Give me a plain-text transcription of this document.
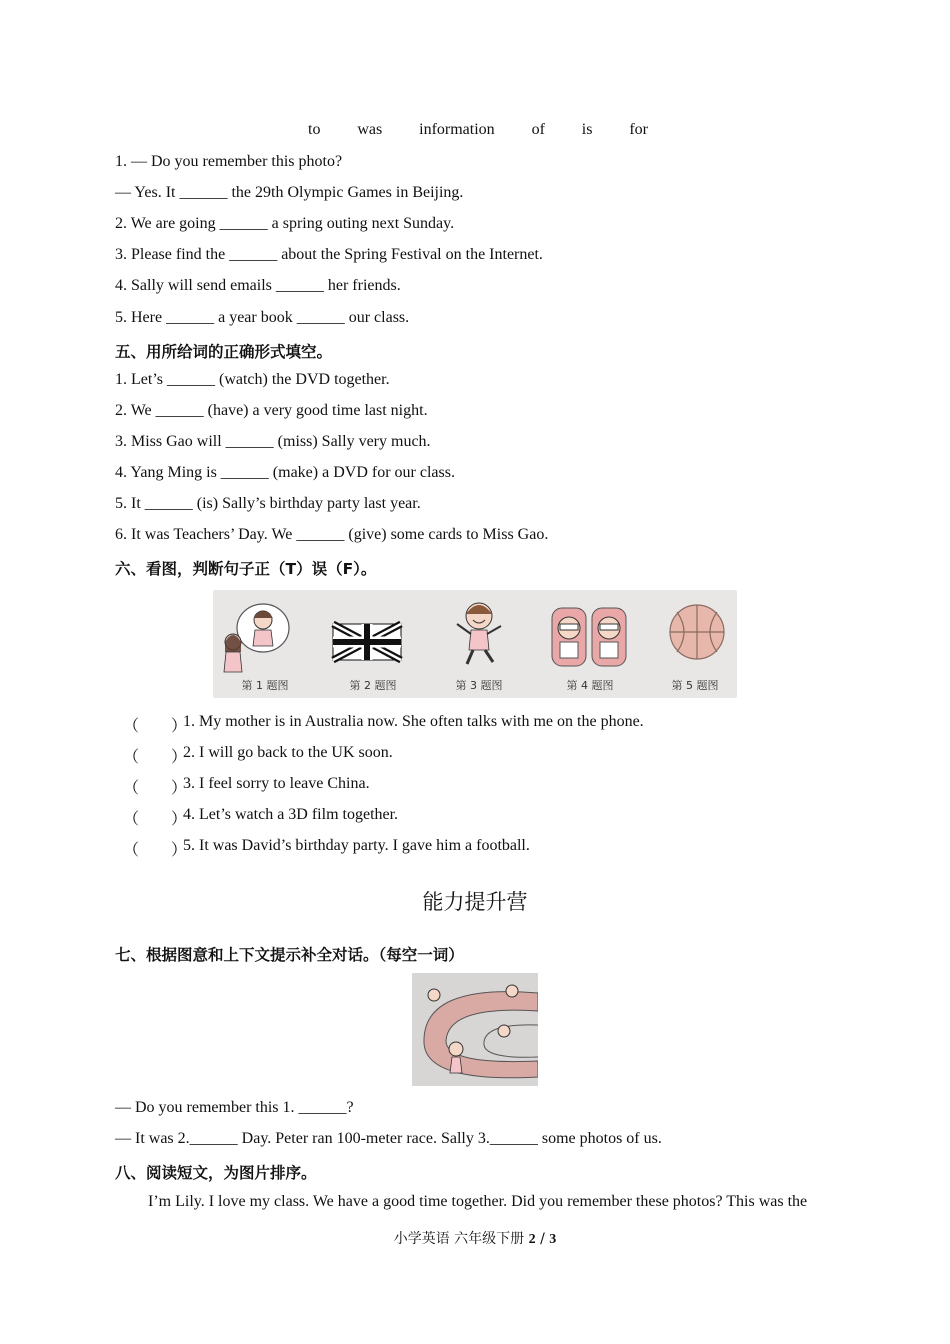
to was information of is for
1. — Do you remember this photo?
— Yes. It ______ the 29th Olympic Games in Beijing.
2. We are going ______ a spring outing next Sunday.
3. Please find the ______ about the Spring Festival on the Internet.
4. Sally will send emails ______ her friends.
5. Here ______ a year book ______ our class.
五、用所给词的正确形式填空。
1. Let’s ______ (watch) the DVD together.
2. We ______ (have) a very good time last night.
3. Miss Gao will ______ (miss) Sally very much.
4. Yang Ming is ______ (make) a DVD for our class.
5. It ______ (is) Sally’s birthday party last year.
6. It was Teachers’ Day. We ______ (give) some cards to Miss Gao.
六、看图，判断句子正（T）误（F）。
第 1 题图	第 2 题图	第 3 题图	第 4 题图	第 5 题图
（　　）
1. My mother is in Australia now. She often talks with me on the phone.
（　　）
2. I will go back to the UK soon.
（　　）
3. I feel sorry to leave China.
（　　）
4. Let’s watch a 3D film together.
（　　）
5. It was David’s birthday party. I gave him a football.
能力提升营
七、根据图意和上下文提示补全对话。（每空一词）
— Do you remember this 1. ______?
— It was 2.______ Day. Peter ran 100-meter race. Sally 3.______ some photos of us.
八、阅读短文，为图片排序。
I’m Lily. I love my class. We have a good time together. Did you remember these photos? This was the
小学英语 六年级下册 2 / 3
